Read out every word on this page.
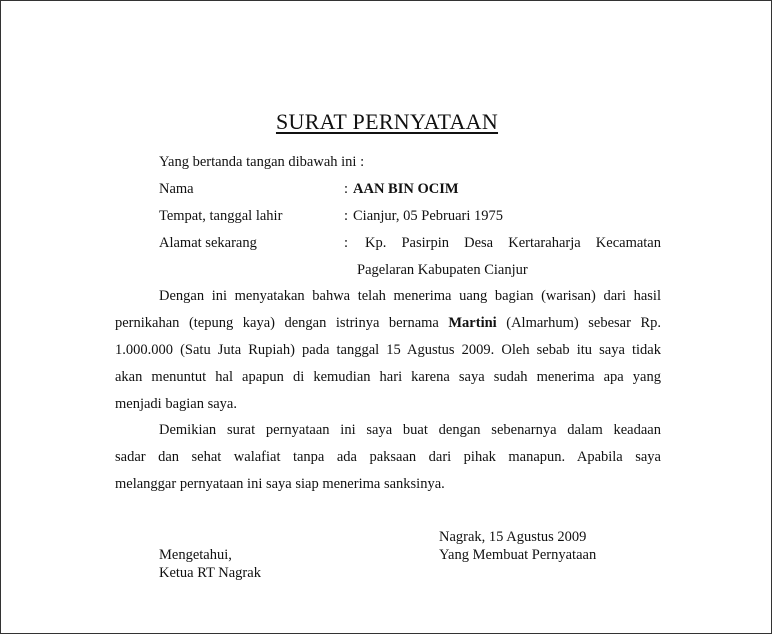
SURAT PERNYATAAN
Yang bertanda tangan dibawah ini :
Nama	: AAN BIN OCIM
Tempat, tanggal lahir	: Cianjur, 05 Pebruari 1975
Alamat sekarang	: Kp. Pasirpin Desa Kertaraharja Kecamatan
Pagelaran Kabupaten Cianjur
Dengan ini menyatakan bahwa telah menerima uang bagian (warisan) dari hasil
pernikahan (tepung kaya) dengan istrinya bernama Martini (Almarhum) sebesar Rp.
1.000.000 (Satu Juta Rupiah) pada tanggal 15 Agustus 2009. Oleh sebab itu saya tidak
akan menuntut hal apapun di kemudian hari karena saya sudah menerima apa yang
menjadi bagian saya.
Demikian surat pernyataan ini saya buat dengan sebenarnya dalam keadaan
sadar dan sehat walafiat tanpa ada paksaan dari pihak manapun. Apabila saya
melanggar pernyataan ini saya siap menerima sanksinya.
Nagrak, 15 Agustus 2009
Mengetahui,	Yang Membuat Pernyataan
Ketua RT Nagrak
